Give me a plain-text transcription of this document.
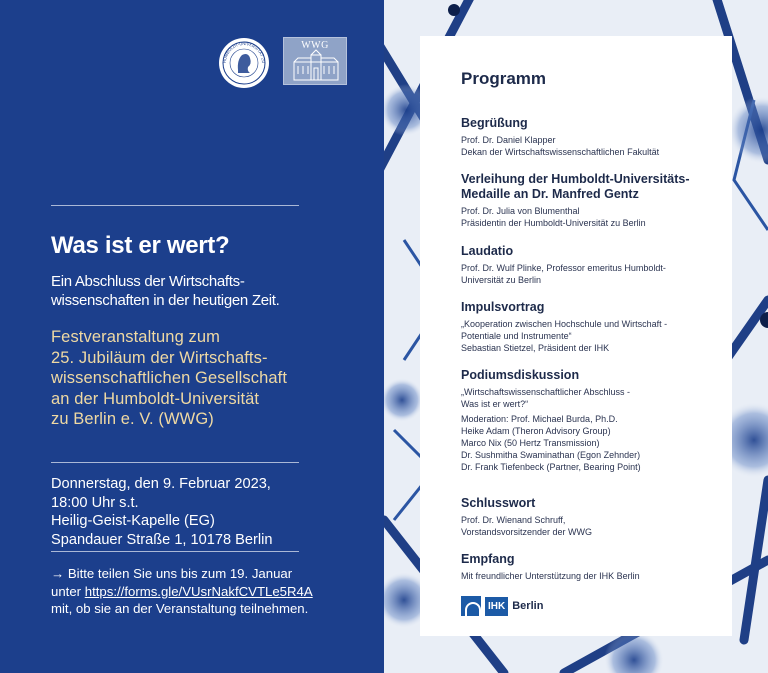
HUMBOLDT-UNIVERSITÄT ZU
WWG
Was ist er wert?
Ein Abschluss der Wirtschafts-
wissenschaften in der heutigen Zeit.
Festveranstaltung zum
25. Jubiläum der Wirtschafts-
wissenschaftlichen Gesellschaft
an der Humboldt-Universität
zu Berlin e. V. (WWG)
Donnerstag, den 9. Februar 2023,
18:00 Uhr s.t.
Heilig-Geist-Kapelle (EG)
Spandauer Straße 1, 10178 Berlin
→ Bitte teilen Sie uns bis zum 19. Januar
unter https://forms.gle/VUsrNakfCVTLe5R4A
mit, ob sie an der Veranstaltung teilnehmen.
Programm
Begrüßung

Prof. Dr. Daniel Klapper
Dekan der Wirtschaftswissenschaftlichen Fakultät

Verleihung der Humboldt-Universitäts-
Medaille an Dr. Manfred Gentz

Prof. Dr. Julia von Blumenthal
Präsidentin der Humboldt-Universität zu Berlin

Laudatio

Prof. Dr. Wulf Plinke, Professor emeritus Humboldt-
Universität zu Berlin

Impulsvortrag

„Kooperation zwischen Hochschule und Wirtschaft -
Potentiale und Instrumente“
Sebastian Stietzel, Präsident der IHK

Podiumsdiskussion

„Wirtschaftswissenschaftlicher Abschluss -
Was ist er wert?“

Moderation: Prof. Michael Burda, Ph.D.
Heike Adam (Theron Advisory Group)
Marco Nix (50 Hertz Transmission)
Dr. Sushmitha Swaminathan (Egon Zehnder)
Dr. Frank Tiefenbeck (Partner, Bearing Point)

Schlusswort

Prof. Dr. Wienand Schruff,
Vorstandsvorsitzender der WWG

Empfang

Mit freundlicher Unterstützung der IHK Berlin

IHK Berlin
